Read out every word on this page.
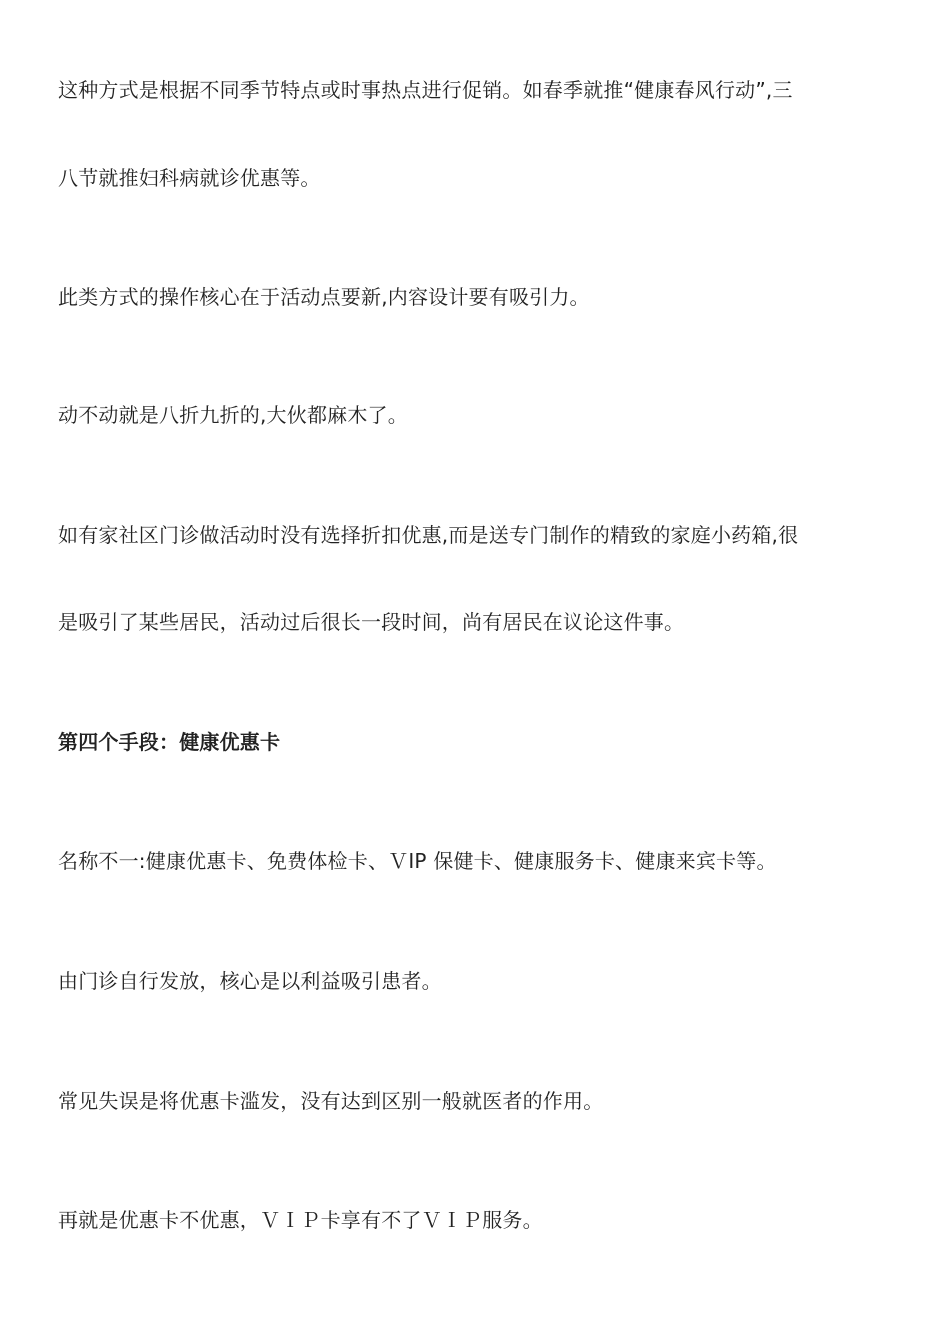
这种方式是根据不同季节特点或时事热点进行促销。如春季就推“健康春风行动”,三
八节就推妇科病就诊优惠等。
此类方式的操作核心在于活动点要新,内容设计要有吸引力。
动不动就是八折九折的,大伙都麻木了。
如有家社区门诊做活动时没有选择折扣优惠,而是送专门制作的精致的家庭小药箱,很
是吸引了某些居民，活动过后很长一段时间，尚有居民在议论这件事。
第四个手段：健康优惠卡
名称不一:健康优惠卡、免费体检卡、ＶIP 保健卡、健康服务卡、健康来宾卡等。
由门诊自行发放，核心是以利益吸引患者。
常见失误是将优惠卡滥发，没有达到区别一般就医者的作用。
再就是优惠卡不优惠，ＶＩＰ卡享有不了ＶＩＰ服务。
